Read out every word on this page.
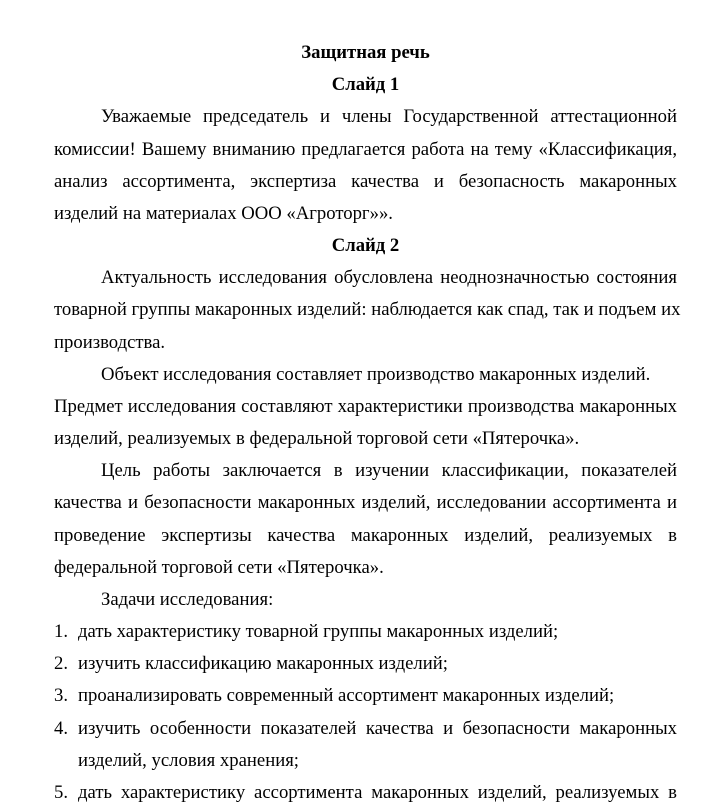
Защитная речь
Слайд 1
Уважаемые председатель и члены Государственной аттестационной
комиссии! Вашему вниманию предлагается работа на тему «Классификация,
анализ ассортимента, экспертиза качества и безопасность макаронных
изделий на материалах ООО «Агроторг»».
Слайд 2
Актуальность исследования обусловлена неоднозначностью состояния
товарной группы макаронных изделий: наблюдается как спад, так и подъем их
производства.
Объект исследования составляет производство макаронных изделий.
Предмет исследования составляют характеристики производства макаронных
изделий, реализуемых в федеральной торговой сети «Пятерочка».
Цель работы заключается в изучении классификации, показателей
качества и безопасности макаронных изделий, исследовании ассортимента и
проведение экспертизы качества макаронных изделий, реализуемых в
федеральной торговой сети «Пятерочка».
Задачи исследования:
1. дать характеристику товарной группы макаронных изделий;
2. изучить классификацию макаронных изделий;
3. проанализировать современный ассортимент макаронных изделий;
4. изучить особенности показателей качества и безопасности макаронных
изделий, условия хранения;
5. дать характеристику ассортимента макаронных изделий, реализуемых в
